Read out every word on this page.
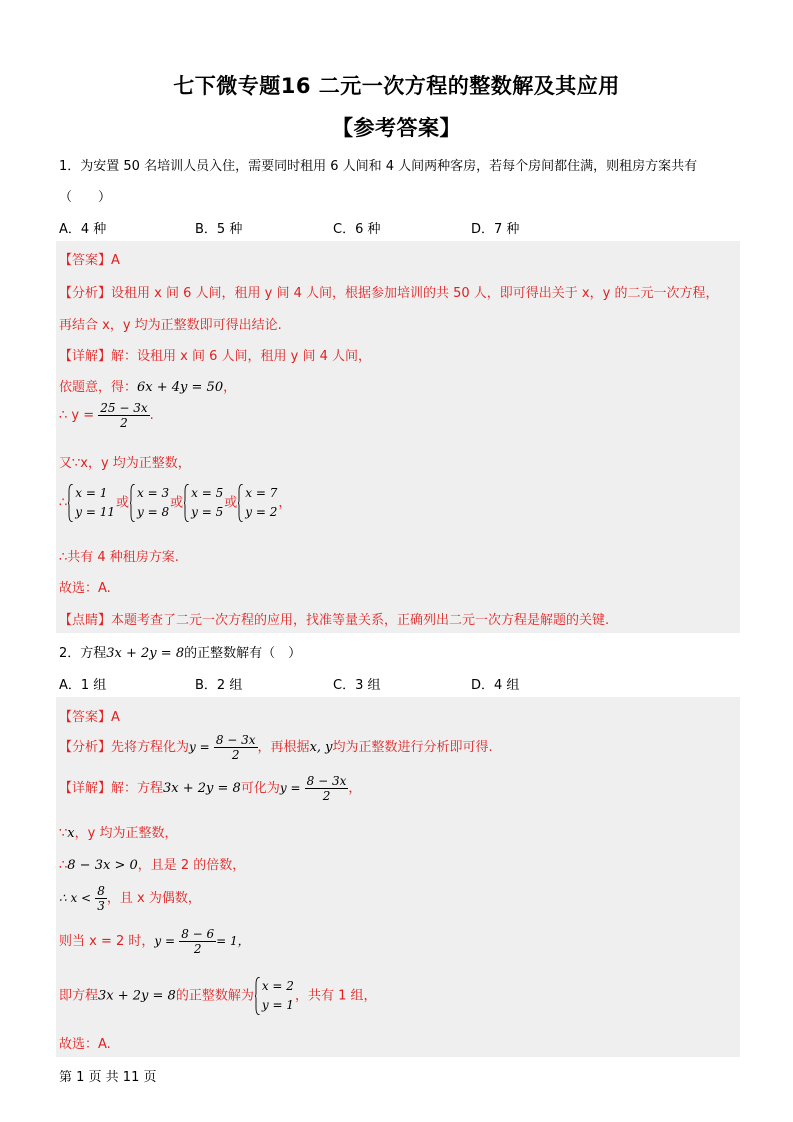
七下微专题16 二元一次方程的整数解及其应用
【参考答案】
1．为安置 50 名培训人员入住，需要同时租用 6 人间和 4 人间两种客房，若每个房间都住满，则租房方案共有
（　　）
A．4 种	B．5 种	C．6 种	D．7 种
【答案】A
【分析】设租用 x 间 6 人间，租用 y 间 4 人间，根据参加培训的共 50 人，即可得出关于 x，y 的二元一次方程，
再结合 x，y 均为正整数即可得出结论.
【详解】解：设租用 x 间 6 人间，租用 y 间 4 人间，
依题意，得：6x + 4y = 50，
∴ $y = \frac{25 - 3x}{2}$ .
又∵x，y 均为正整数，
∴
x = 1
y = 11
或
x = 3
y = 8
或
x = 5
y = 5
或
x = 7
y = 2
，
∴共有 4 种租房方案.
故选：A.
【点睛】本题考查了二元一次方程的应用，找准等量关系，正确列出二元一次方程是解题的关键.
2．方程3x + 2y = 8的正整数解有（　）
A．1 组	B．2 组	C．3 组	D．4 组
【答案】A
【分析】先将方程化为$y = \frac{8 - 3x}{2}$ ，再根据x, y均为正整数进行分析即可得.
【详解】解：方程3x + 2y = 8可化为$y = \frac{8 - 3x}{2}$ ，
∵x，y 均为正整数，
∴8 − 3x > 0，且是 2 的倍数，
∴ $x < \frac{8}{3}$ ，且 x 为偶数，
则当 x = 2 时，$y = \frac{8 - 6}{2} = 1$，
即方程3x + 2y = 8的正整数解为
x = 2
y = 1
，共有 1 组，
故选：A.
第 1 页 共 11 页
